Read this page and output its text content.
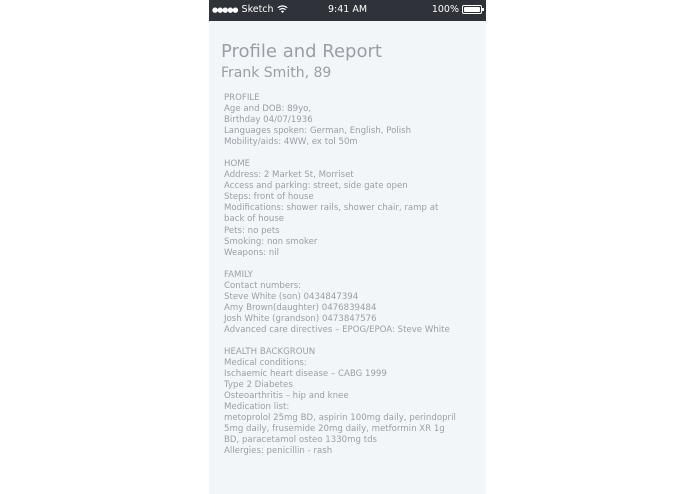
●●●●● Sketch	9:41 AM	100%
Profile and Report
Frank Smith, 89
PROFILE
Age and DOB: 89yo,
Birthday 04/07/1936
Languages spoken: German, English, Polish
Mobility/aids: 4WW, ex tol 50m
HOME
Address: 2 Market St, Morriset
Access and parking: street, side gate open
Steps: front of house
Modifications: shower rails, shower chair, ramp at
back of house
Pets: no pets
Smoking: non smoker
Weapons: nil
FAMILY
Contact numbers:
Steve White (son) 0434847394
Amy Brown(daughter) 0476839484
Josh White (grandson) 0473847576
Advanced care directives – EPOG/EPOA: Steve White
HEALTH BACKGROUN
Medical conditions:
Ischaemic heart disease – CABG 1999
Type 2 Diabetes
Osteoarthritis – hip and knee
Medication list:
metoprolol 25mg BD, aspirin 100mg daily, perindopril
5mg daily, frusemide 20mg daily, metformin XR 1g
BD, paracetamol osteo 1330mg tds
Allergies: penicillin - rash
